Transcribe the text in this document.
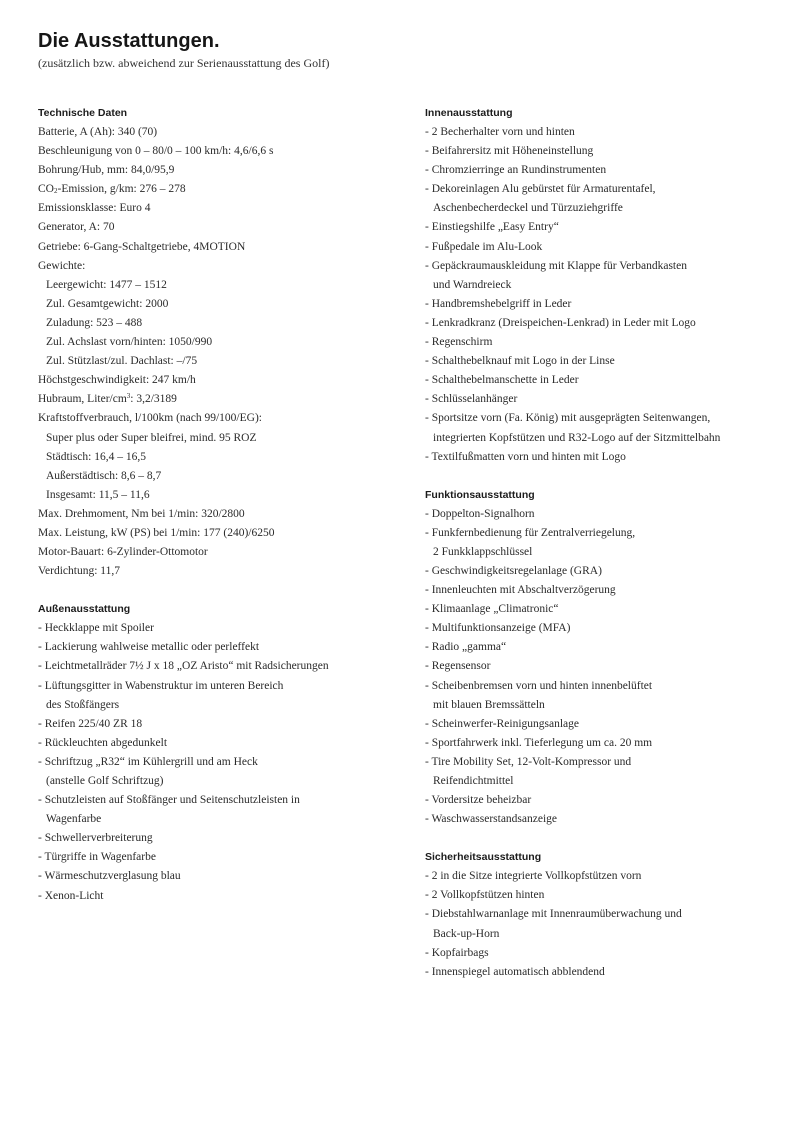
Die Ausstattungen.

(zusätzlich bzw. abweichend zur Serienausstattung des Golf)

Technische Daten
Batterie, A (Ah): 340 (70)
Beschleunigung von 0 – 80/0 – 100 km/h: 4,6/6,6 s
Bohrung/Hub, mm: 84,0/95,9
$CO_2$-Emission, g/km: 276 – 278
Emissionsklasse: Euro 4
Generator, A: 70
Getriebe: 6-Gang-Schaltgetriebe, 4MOTION
Gewichte:
Leergewicht: 1477 – 1512
Zul. Gesamtgewicht: 2000
Zuladung: 523 – 488
Zul. Achslast vorn/hinten: 1050/990
Zul. Stützlast/zul. Dachlast: –/75
Höchstgeschwindigkeit: 247 km/h
Hubraum, Liter/$cm^3$: 3,2/3189
Kraftstoffverbrauch, l/100km (nach 99/100/EG):
Super plus oder Super bleifrei, mind. 95 ROZ
Städtisch: 16,4 – 16,5
Außerstädtisch: 8,6 – 8,7
Insgesamt: 11,5 – 11,6
Max. Drehmoment, Nm bei 1/min: 320/2800
Max. Leistung, kW (PS) bei 1/min: 177 (240)/6250
Motor-Bauart: 6-Zylinder-Ottomotor
Verdichtung: 11,7
Außenausstattung
- Heckklappe mit Spoiler
- Lackierung wahlweise metallic oder perleffekt
- Leichtmetallräder 7½ J x 18 „OZ Aristo“ mit Radsicherungen
- Lüftungsgitter in Wabenstruktur im unteren Bereich
des Stoßfängers
- Reifen 225/40 ZR 18
- Rückleuchten abgedunkelt
- Schriftzug „R32“ im Kühlergrill und am Heck
(anstelle Golf Schriftzug)
- Schutzleisten auf Stoßfänger und Seitenschutzleisten in
Wagenfarbe
- Schwellerverbreiterung
- Türgriffe in Wagenfarbe
- Wärmeschutzverglasung blau
- Xenon-Licht
Innenausstattung
- 2 Becherhalter vorn und hinten
- Beifahrersitz mit Höheneinstellung
- Chromzierringe an Rundinstrumenten
- Dekoreinlagen Alu gebürstet für Armaturentafel,
Aschenbecherdeckel und Türzuziehgriffe
- Einstiegshilfe „Easy Entry“
- Fußpedale im Alu-Look
- Gepäckraumauskleidung mit Klappe für Verbandkasten
und Warndreieck
- Handbremshebelgriff in Leder
- Lenkradkranz (Dreispeichen-Lenkrad) in Leder mit Logo
- Regenschirm
- Schalthebelknauf mit Logo in der Linse
- Schalthebelmanschette in Leder
- Schlüsselanhänger
- Sportsitze vorn (Fa. König) mit ausgeprägten Seitenwangen,
integrierten Kopfstützen und R32-Logo auf der Sitzmittelbahn
- Textilfußmatten vorn und hinten mit Logo
Funktionsausstattung
- Doppelton-Signalhorn
- Funkfernbedienung für Zentralverriegelung,
2 Funkklappschlüssel
- Geschwindigkeitsregelanlage (GRA)
- Innenleuchten mit Abschaltverzögerung
- Klimaanlage „Climatronic“
- Multifunktionsanzeige (MFA)
- Radio „gamma“
- Regensensor
- Scheibenbremsen vorn und hinten innenbelüftet
mit blauen Bremssätteln
- Scheinwerfer-Reinigungsanlage
- Sportfahrwerk inkl. Tieferlegung um ca. 20 mm
- Tire Mobility Set, 12-Volt-Kompressor und
Reifendichtmittel
- Vordersitze beheizbar
- Waschwasserstandsanzeige
Sicherheitsausstattung
- 2 in die Sitze integrierte Vollkopfstützen vorn
- 2 Vollkopfstützen hinten
- Diebstahlwarnanlage mit Innenraumüberwachung und
Back-up-Horn
- Kopfairbags
- Innenspiegel automatisch abblendend
